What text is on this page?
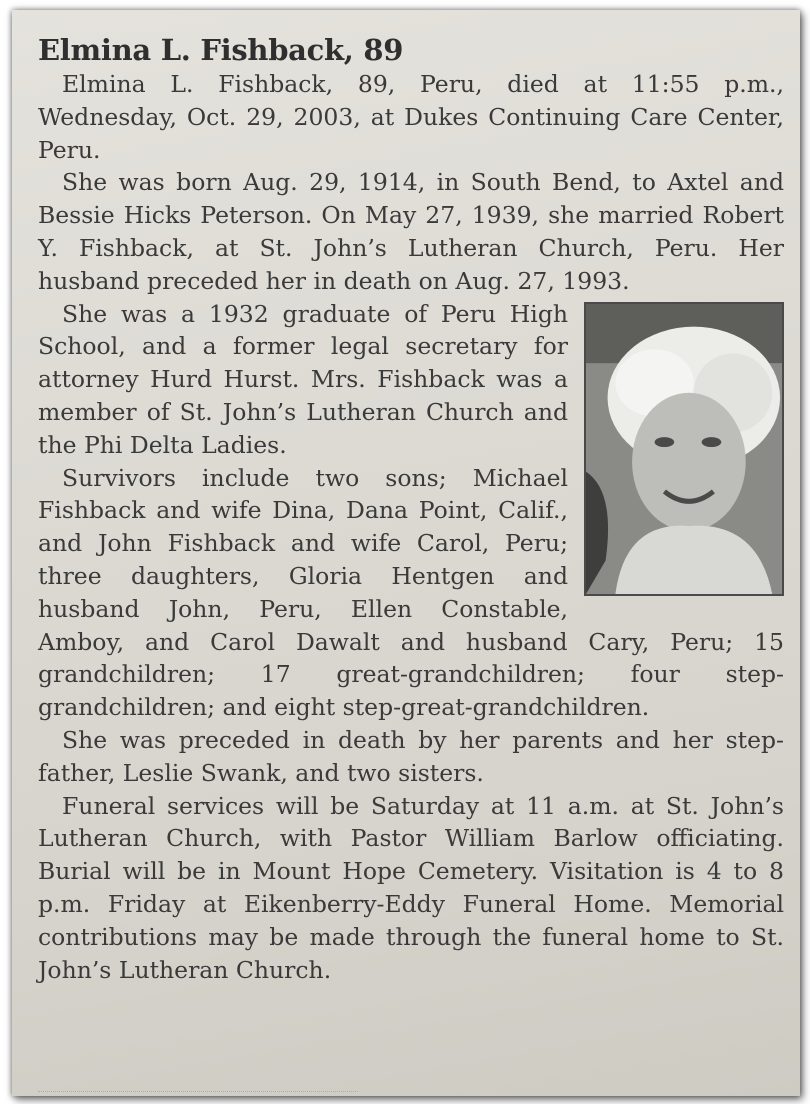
Elmina L. Fishback, 89

Elmina L. Fishback, 89, Peru, died at 11:55 p.m., Wednesday, Oct. 29, 2003, at Dukes Continuing Care Center, Peru.

She was born Aug. 29, 1914, in South Bend, to Axtel and Bessie Hicks Peterson. On May 27, 1939, she married Robert Y. Fishback, at St. John’s Lutheran Church, Peru. Her husband preceded her in death on Aug. 27, 1993.

She was a 1932 graduate of Peru High School, and a former legal secretary for attorney Hurd Hurst. Mrs. Fishback was a member of St. John’s Lutheran Church and the Phi Delta Ladies.

Survivors include two sons; Michael Fishback and wife Dina, Dana Point, Calif., and John Fishback and wife Carol, Peru; three daughters, Gloria Hentgen and husband John, Peru, Ellen Constable, Amboy, and Carol Dawalt and husband Cary, Peru; 15 grandchildren; 17 great-grandchildren; four step-grandchildren; and eight step-great-grandchildren.

She was preceded in death by her parents and her step-father, Leslie Swank, and two sisters.

Funeral services will be Saturday at 11 a.m. at St. John’s Lutheran Church, with Pastor William Barlow officiating. Burial will be in Mount Hope Cemetery. Visitation is 4 to 8 p.m. Friday at Eikenberry-Eddy Funeral Home. Memorial contributions may be made through the funeral home to St. John’s Lutheran Church.
